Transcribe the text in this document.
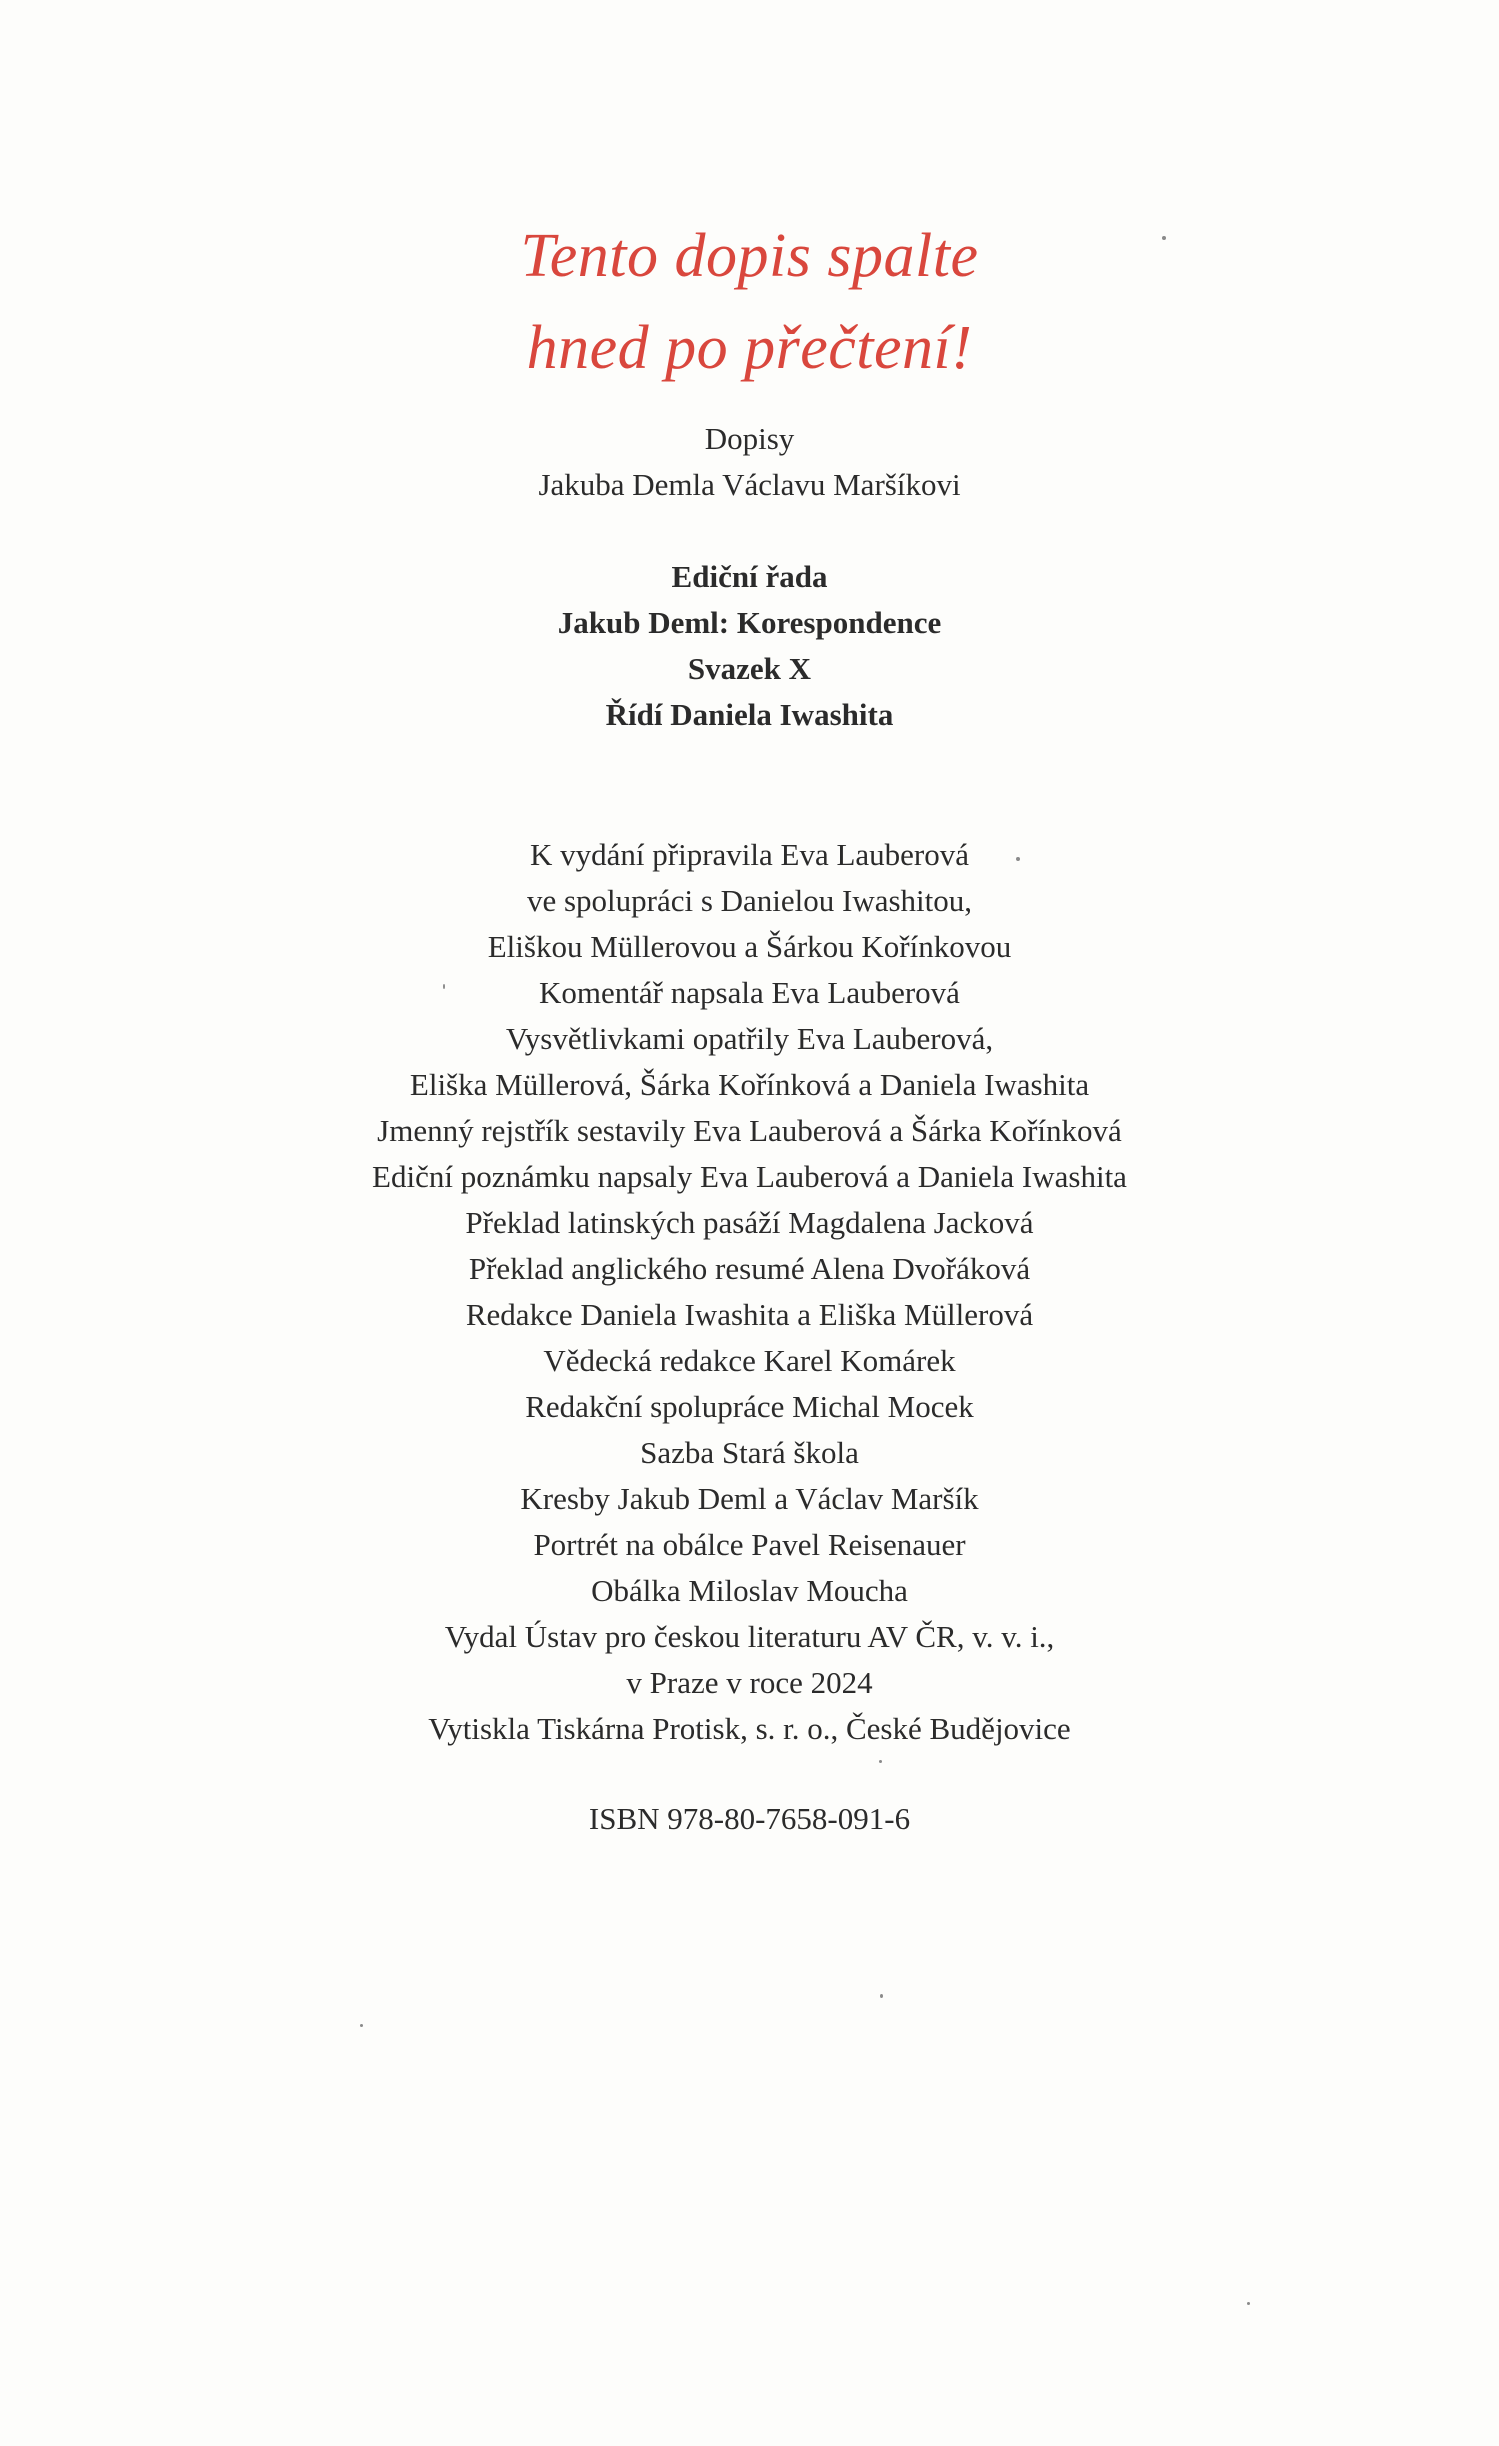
Tento dopis spalte
hned po přečtení!
Dopisy
Jakuba Demla Václavu Maršíkovi
Ediční řada
Jakub Deml: Korespondence
Svazek X
Řídí Daniela Iwashita
K vydání připravila Eva Lauberová
ve spolupráci s Danielou Iwashitou,
Eliškou Müllerovou a Šárkou Kořínkovou
Komentář napsala Eva Lauberová
Vysvětlivkami opatřily Eva Lauberová,
Eliška Müllerová, Šárka Kořínková a Daniela Iwashita
Jmenný rejstřík sestavily Eva Lauberová a Šárka Kořínková
Ediční poznámku napsaly Eva Lauberová a Daniela Iwashita
Překlad latinských pasáží Magdalena Jacková
Překlad anglického resumé Alena Dvořáková
Redakce Daniela Iwashita a Eliška Müllerová
Vědecká redakce Karel Komárek
Redakční spolupráce Michal Mocek
Sazba Stará škola
Kresby Jakub Deml a Václav Maršík
Portrét na obálce Pavel Reisenauer
Obálka Miloslav Moucha
Vydal Ústav pro českou literaturu AV ČR, v. v. i.,
v Praze v roce 2024
Vytiskla Tiskárna Protisk, s. r. o., České Budějovice
ISBN 978-80-7658-091-6
